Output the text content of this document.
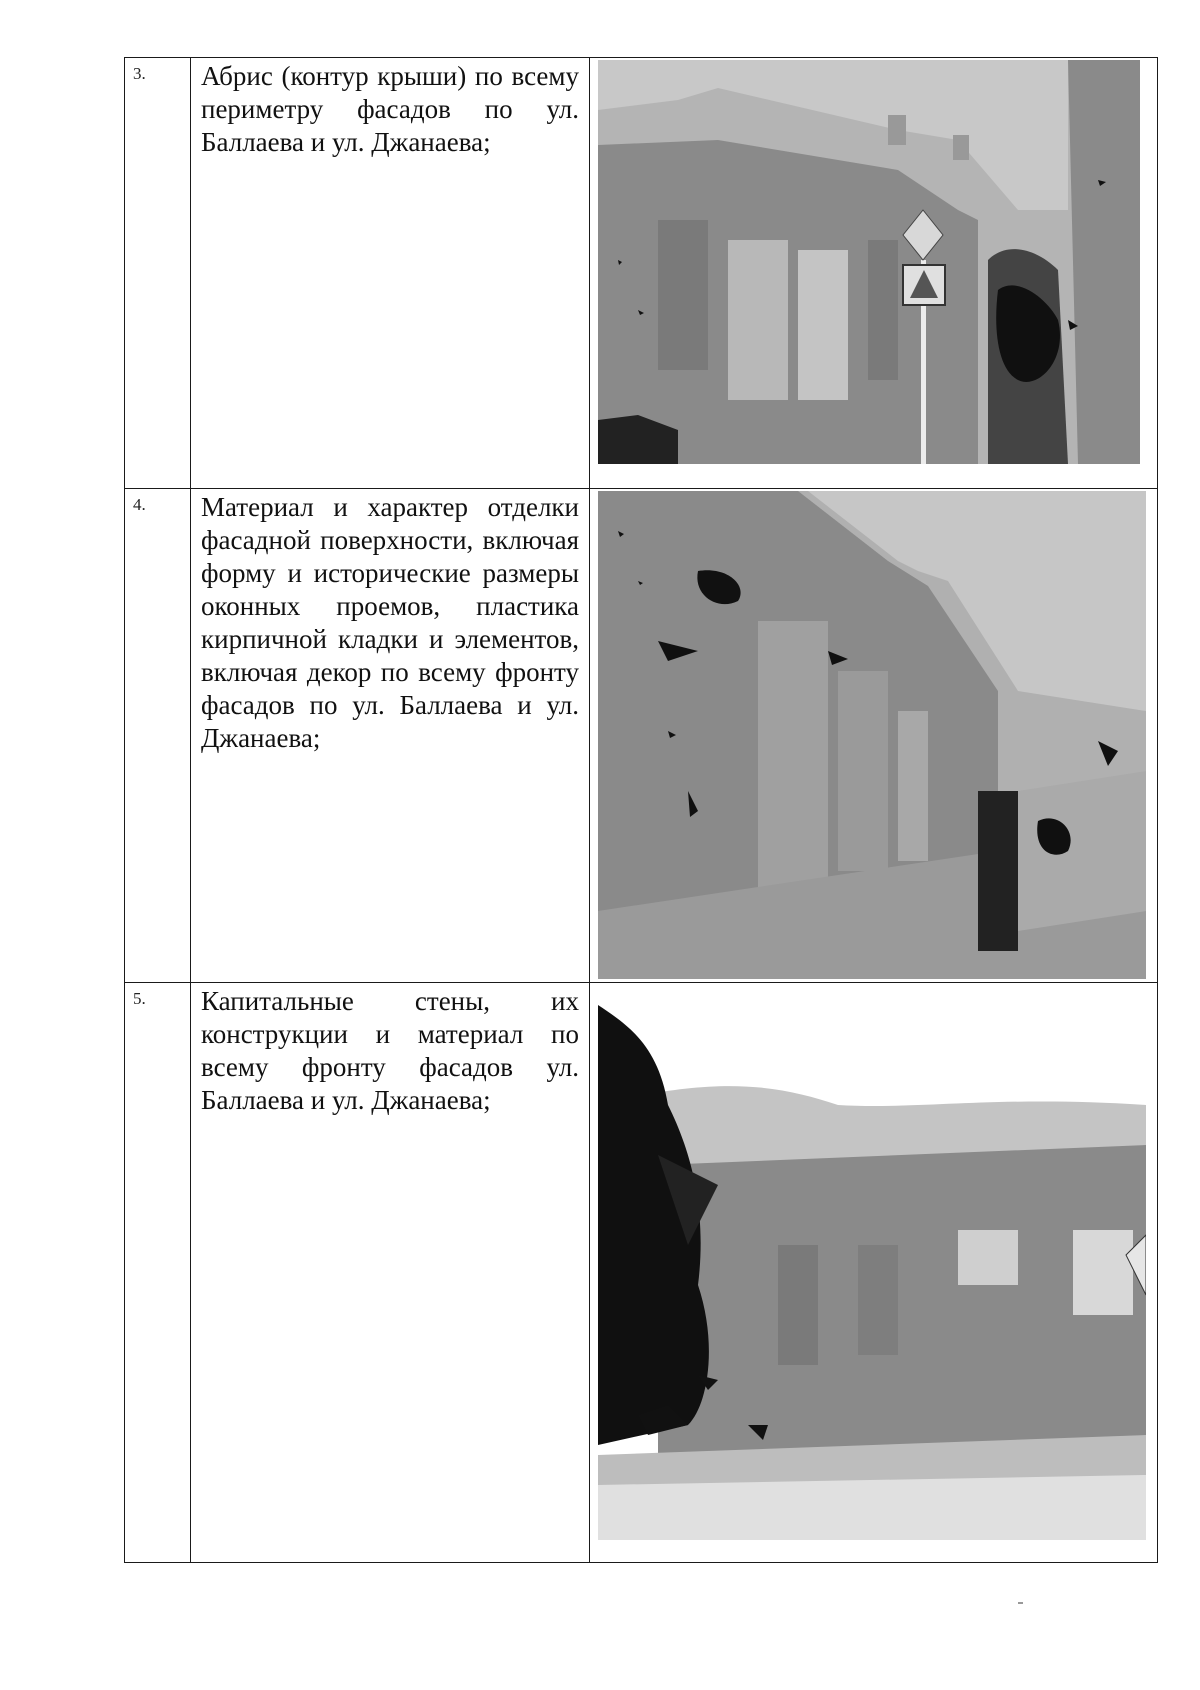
3.	Абрис (контур крыши) по всему периметру фасадов по ул. Баллаева и ул. Джанаева;	

4.	Материал и характер отделки фасадной поверхности, включая форму и исторические размеры оконных проемов, пластика кирпичной кладки и элементов, включая декор по всему фронту фасадов по ул. Баллаева и ул. Джанаева;	

5.	Капитальные стены, их конструкции и материал по всему фронту фасадов ул. Баллаева и ул. Джанаева;	
